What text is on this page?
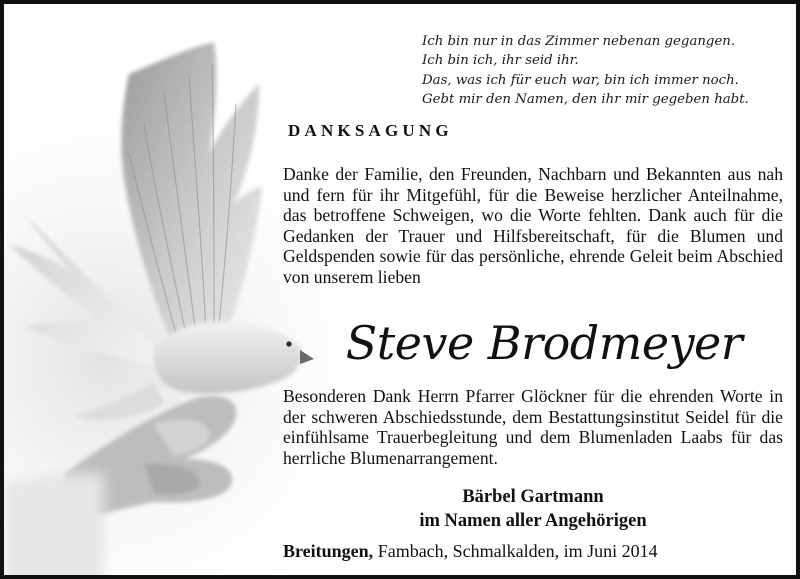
Ich bin nur in das Zimmer nebenan gegangen.
Ich bin ich, ihr seid ihr.
Das, was ich für euch war, bin ich immer noch.
Gebt mir den Namen, den ihr mir gegeben habt.
DANKSAGUNG
Danke der Familie, den Freunden, Nachbarn und Bekannten aus nah und fern für ihr Mitgefühl, für die Beweise herzlicher Anteilnahme, das betroffene Schweigen, wo die Worte fehlten. Dank auch für die Gedanken der Trauer und Hilfsbereitschaft, für die Blumen und Geldspenden sowie für das persönliche, ehrende Geleit beim Abschied von unserem lieben
Steve Brodmeyer
Besonderen Dank Herrn Pfarrer Glöckner für die ehrenden Worte in der schweren Abschiedsstunde, dem Bestattungsinstitut Seidel für die einfühlsame Trauerbegleitung und dem Blumenladen Laabs für das herrliche Blumenarrangement.
Bärbel Gartmann
im Namen aller Angehörigen
Breitungen, Fambach, Schmalkalden, im Juni 2014
